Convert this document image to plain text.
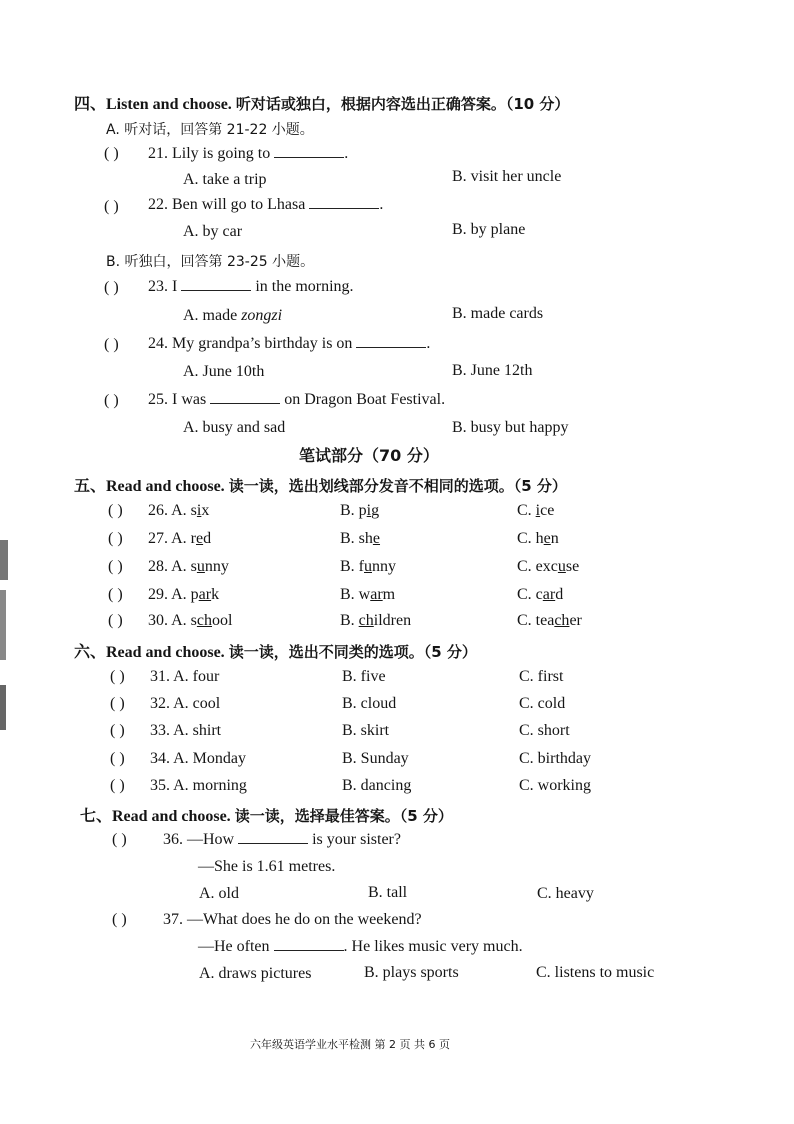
四、Listen and choose. 听对话或独白，根据内容选出正确答案。（10 分）
A. 听对话，回答第 21-22 小题。
( ) 21. Lily is going to	.
A. take a trip	B. visit her uncle
( ) 22. Ben will go to Lhasa	.
A. by car	B. by plane
B. 听独白，回答第 23-25 小题。
( ) 23. I	in the morning.
A. made zongzi	B. made cards
( ) 24. My grandpa’s birthday is on	.
A. June 10th	B. June 12th
( ) 25. I was	on Dragon Boat Festival.
A. busy and sad	B. busy but happy
笔试部分（70 分）
五、Read and choose. 读一读，选出划线部分发音不相同的选项。（5 分）
( ) 26. A. six	B. pig	C. ice
( ) 27. A. red	B. she	C. hen
( ) 28. A. sunny	B. funny	C. excuse
( ) 29. A. park	B. warm	C. card
( ) 30. A. school	B. children	C. teacher
六、Read and choose. 读一读，选出不同类的选项。（5 分）
( ) 31. A. four	B. five	C. first
( ) 32. A. cool	B. cloud	C. cold
( ) 33. A. shirt	B. skirt	C. short
( ) 34. A. Monday	B. Sunday	C. birthday
( ) 35. A. morning	B. dancing	C. working
七、Read and choose. 读一读，选择最佳答案。（5 分）
( ) 36. —How	is your sister?
—She is 1.61 metres.
A. old	B. tall	C. heavy
( ) 37. —What does he do on the weekend?
—He often	. He likes music very much.
A. draws pictures	B. plays sports	C. listens to music
六年级英语学业水平检测 第 2 页 共 6 页
